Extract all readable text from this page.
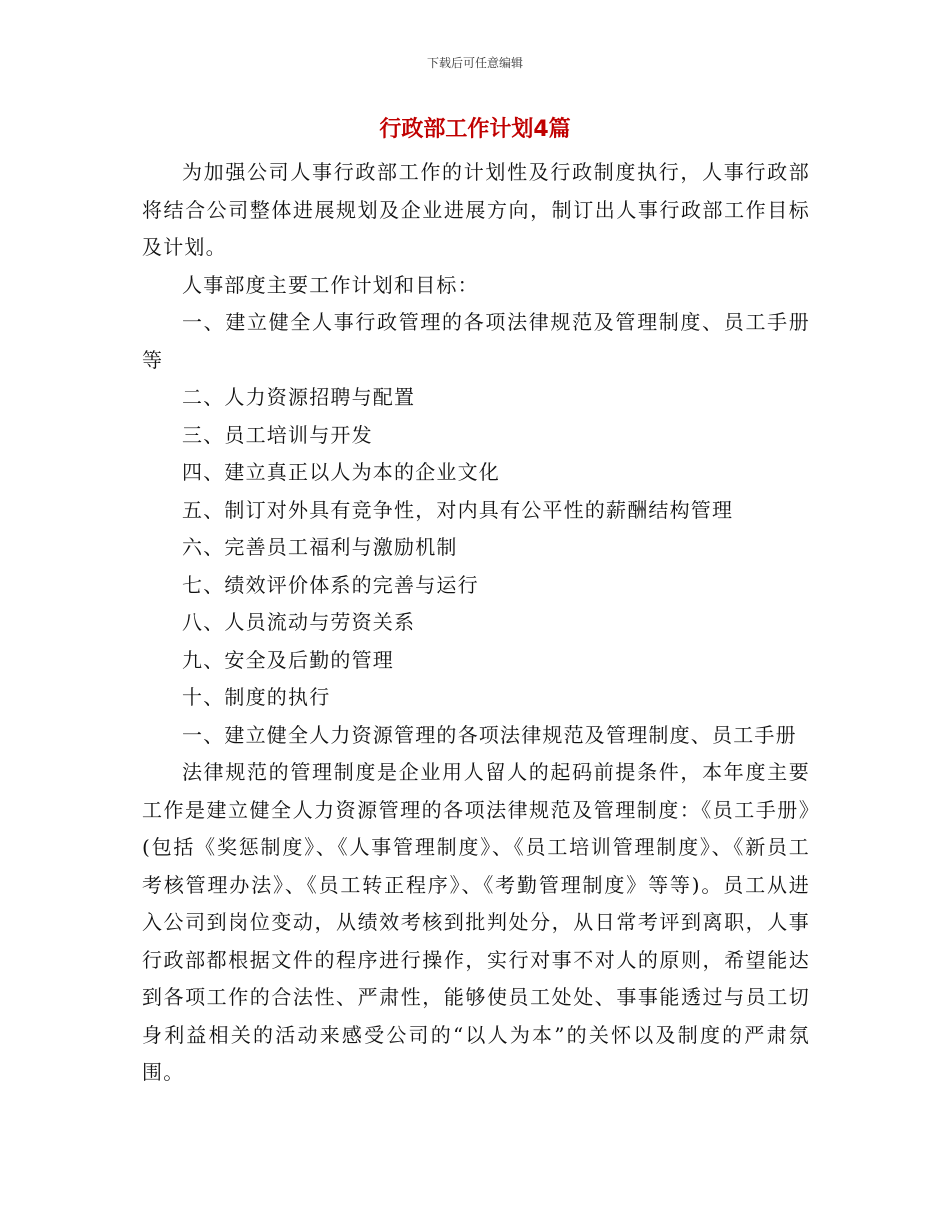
下载后可任意编辑
行政部工作计划4篇

为加强公司人事行政部工作的计划性及行政制度执行，人事行政部将结合公司整体进展规划及企业进展方向，制订出人事行政部工作目标及计划。

人事部度主要工作计划和目标：

一、建立健全人事行政管理的各项法律规范及管理制度、员工手册等

二、人力资源招聘与配置

三、员工培训与开发

四、建立真正以人为本的企业文化

五、制订对外具有竞争性，对内具有公平性的薪酬结构管理

六、完善员工福利与激励机制

七、绩效评价体系的完善与运行

八、人员流动与劳资关系

九、安全及后勤的管理

十、制度的执行

一、建立健全人力资源管理的各项法律规范及管理制度、员工手册

法律规范的管理制度是企业用人留人的起码前提条件，本年度主要工作是建立健全人力资源管理的各项法律规范及管理制度：《员工手册》(包括《奖惩制度》、《人事管理制度》、《员工培训管理制度》、《新员工考核管理办法》、《员工转正程序》、《考勤管理制度》等等)。员工从进入公司到岗位变动，从绩效考核到批判处分，从日常考评到离职，人事行政部都根据文件的程序进行操作，实行对事不对人的原则，希望能达到各项工作的合法性、严肃性，能够使员工处处、事事能透过与员工切身利益相关的活动来感受公司的“以人为本”的关怀以及制度的严肃氛围。
